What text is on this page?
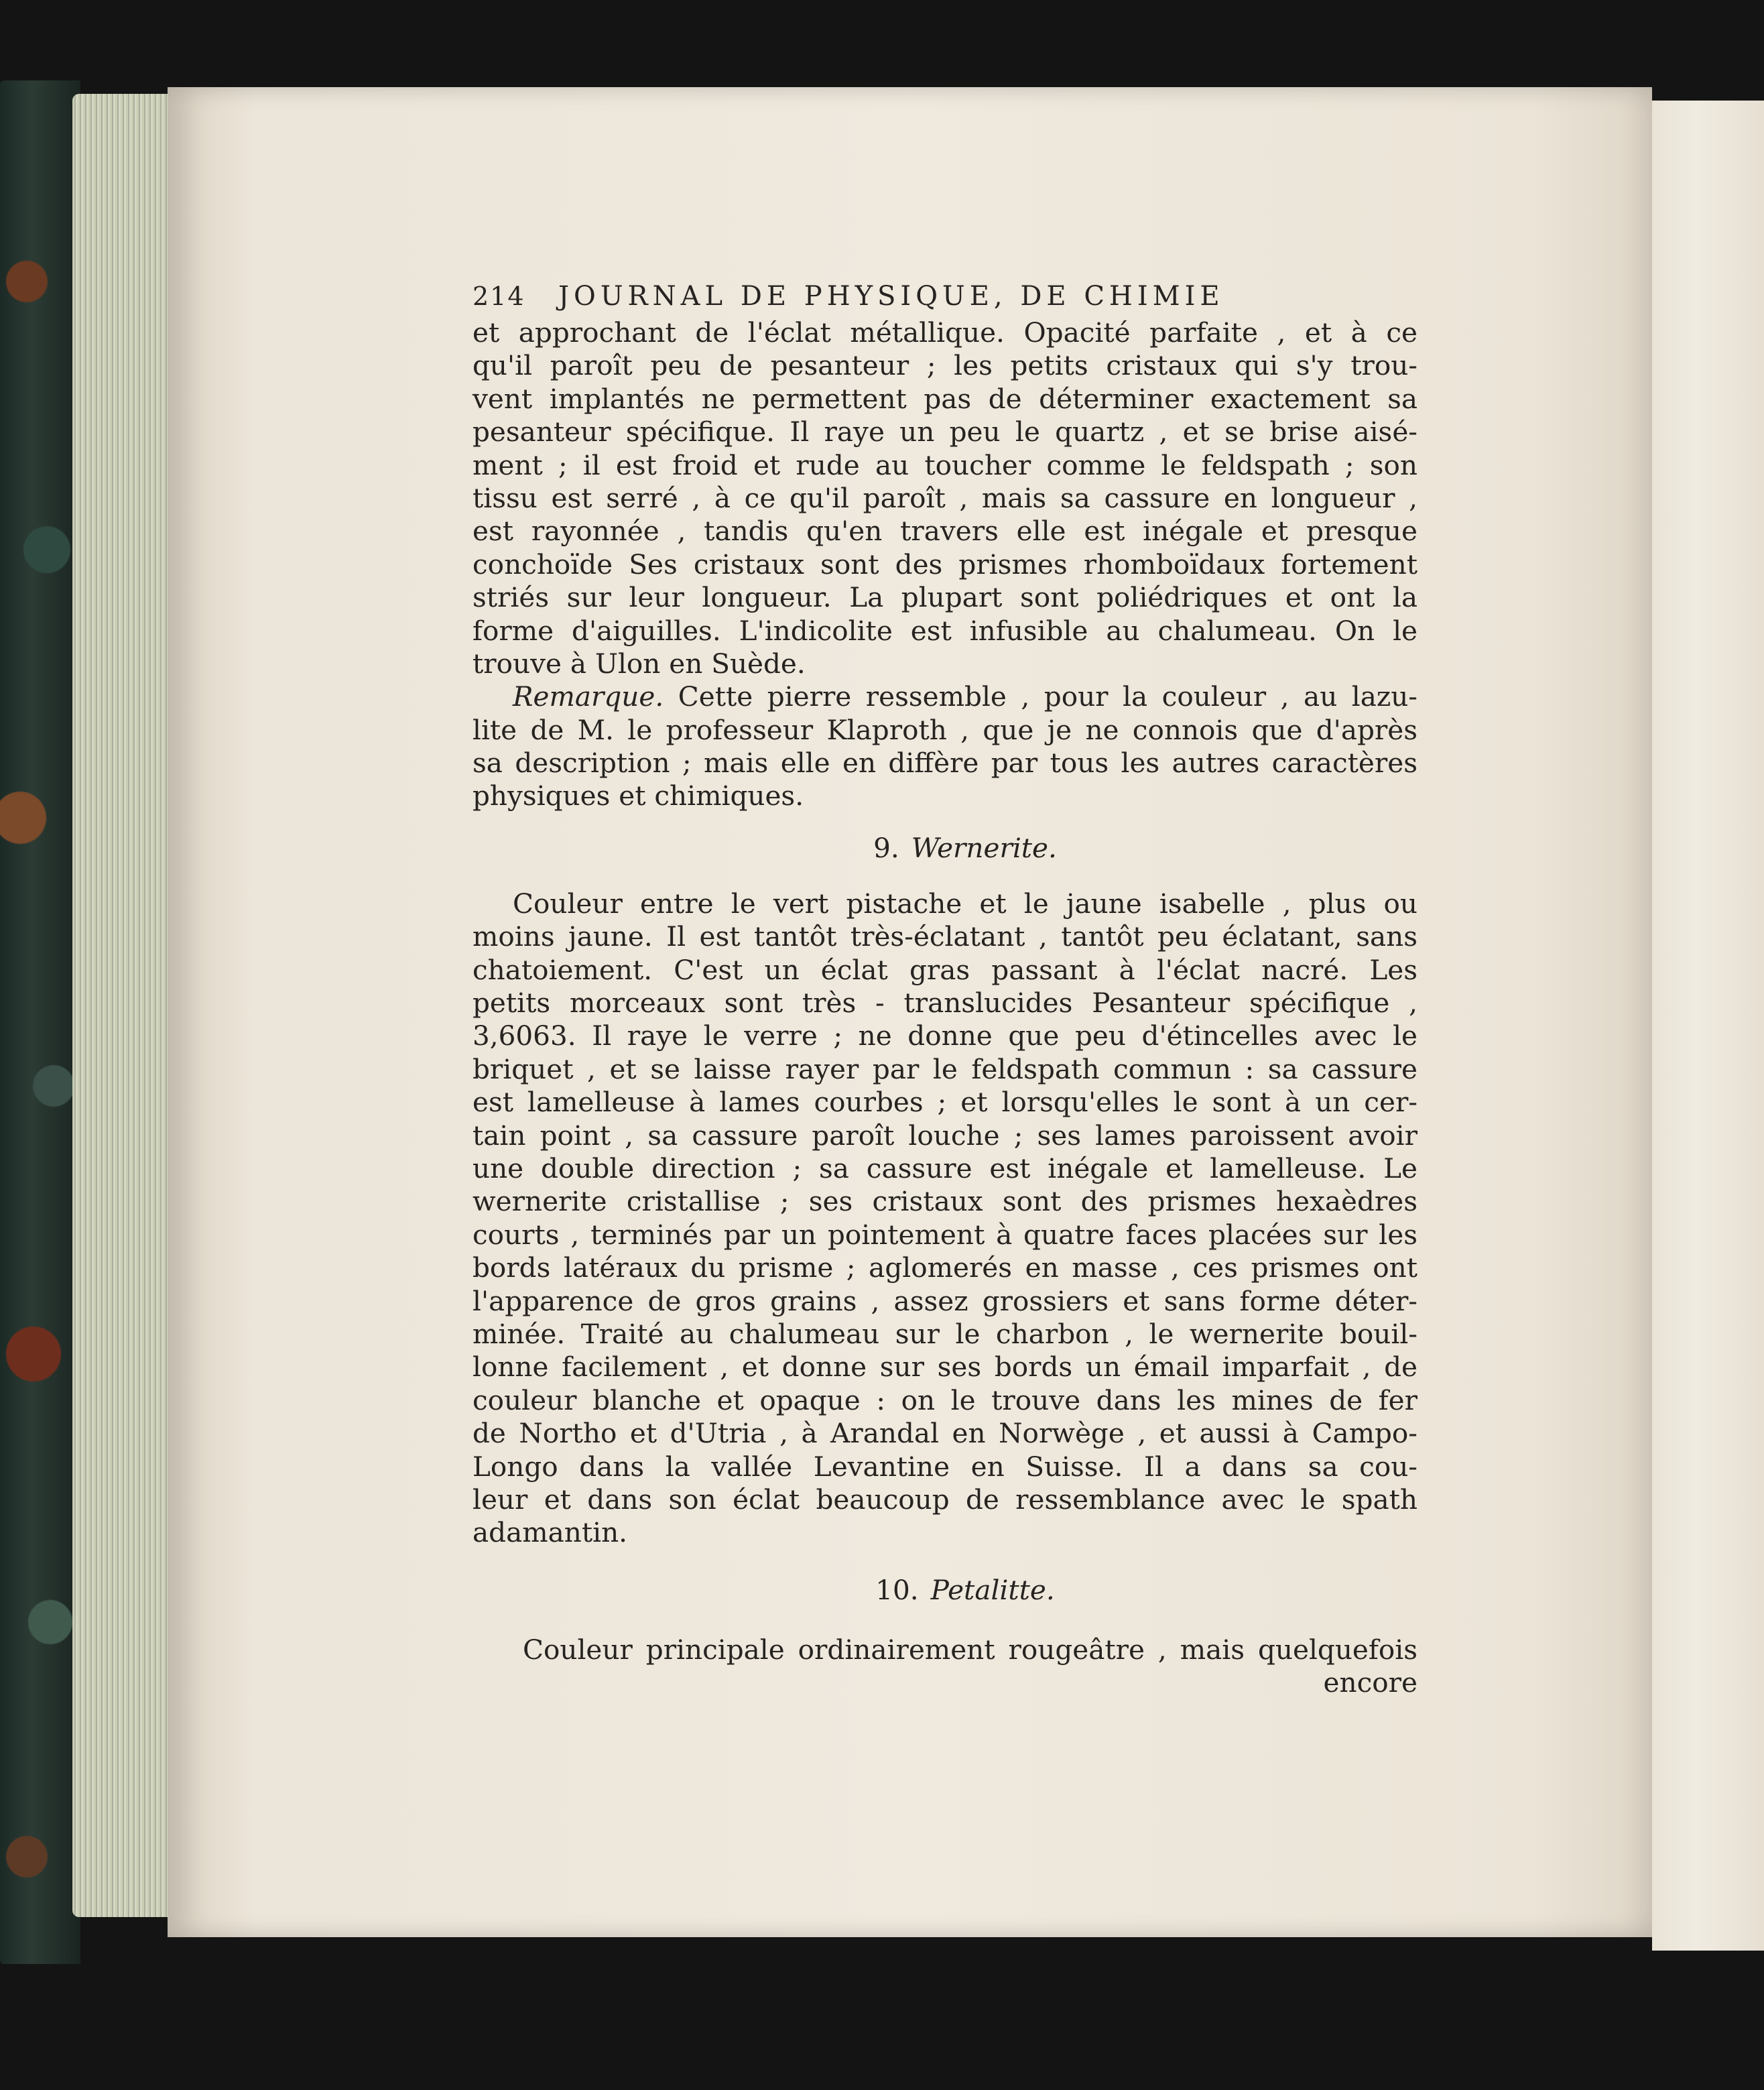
214 JOURNAL DE PHYSIQUE, DE CHIMIE
et approchant de l'éclat métallique. Opacité parfaite , et à ce
qu'il paroît peu de pesanteur ; les petits cristaux qui s'y trou-
vent implantés ne permettent pas de déterminer exactement sa
pesanteur spécifique. Il raye un peu le quartz , et se brise aisé-
ment ; il est froid et rude au toucher comme le feldspath ; son
tissu est serré , à ce qu'il paroît , mais sa cassure en longueur ,
est rayonnée , tandis qu'en travers elle est inégale et presque
conchoïde Ses cristaux sont des prismes rhomboïdaux fortement
striés sur leur longueur. La plupart sont poliédriques et ont la
forme d'aiguilles. L'indicolite est infusible au chalumeau. On le
trouve à Ulon en Suède.
Remarque. Cette pierre ressemble , pour la couleur , au lazu-
lite de M. le professeur Klaproth , que je ne connois que d'après
sa description ; mais elle en diffère par tous les autres caractères
physiques et chimiques.
9. Wernerite.
Couleur entre le vert pistache et le jaune isabelle , plus ou
moins jaune. Il est tantôt très-éclatant , tantôt peu éclatant, sans
chatoiement. C'est un éclat gras passant à l'éclat nacré. Les
petits morceaux sont très - translucides Pesanteur spécifique ,
3,6063. Il raye le verre ; ne donne que peu d'étincelles avec le
briquet , et se laisse rayer par le feldspath commun : sa cassure
est lamelleuse à lames courbes ; et lorsqu'elles le sont à un cer-
tain point , sa cassure paroît louche ; ses lames paroissent avoir
une double direction ; sa cassure est inégale et lamelleuse. Le
wernerite cristallise ; ses cristaux sont des prismes hexaèdres
courts , terminés par un pointement à quatre faces placées sur les
bords latéraux du prisme ; aglomerés en masse , ces prismes ont
l'apparence de gros grains , assez grossiers et sans forme déter-
minée. Traité au chalumeau sur le charbon , le wernerite bouil-
lonne facilement , et donne sur ses bords un émail imparfait , de
couleur blanche et opaque : on le trouve dans les mines de fer
de Northo et d'Utria , à Arandal en Norwège , et aussi à Campo-
Longo dans la vallée Levantine en Suisse. Il a dans sa cou-
leur et dans son éclat beaucoup de ressemblance avec le spath
adamantin.
10. Petalitte.
Couleur principale ordinairement rougeâtre , mais quelquefois
encore
